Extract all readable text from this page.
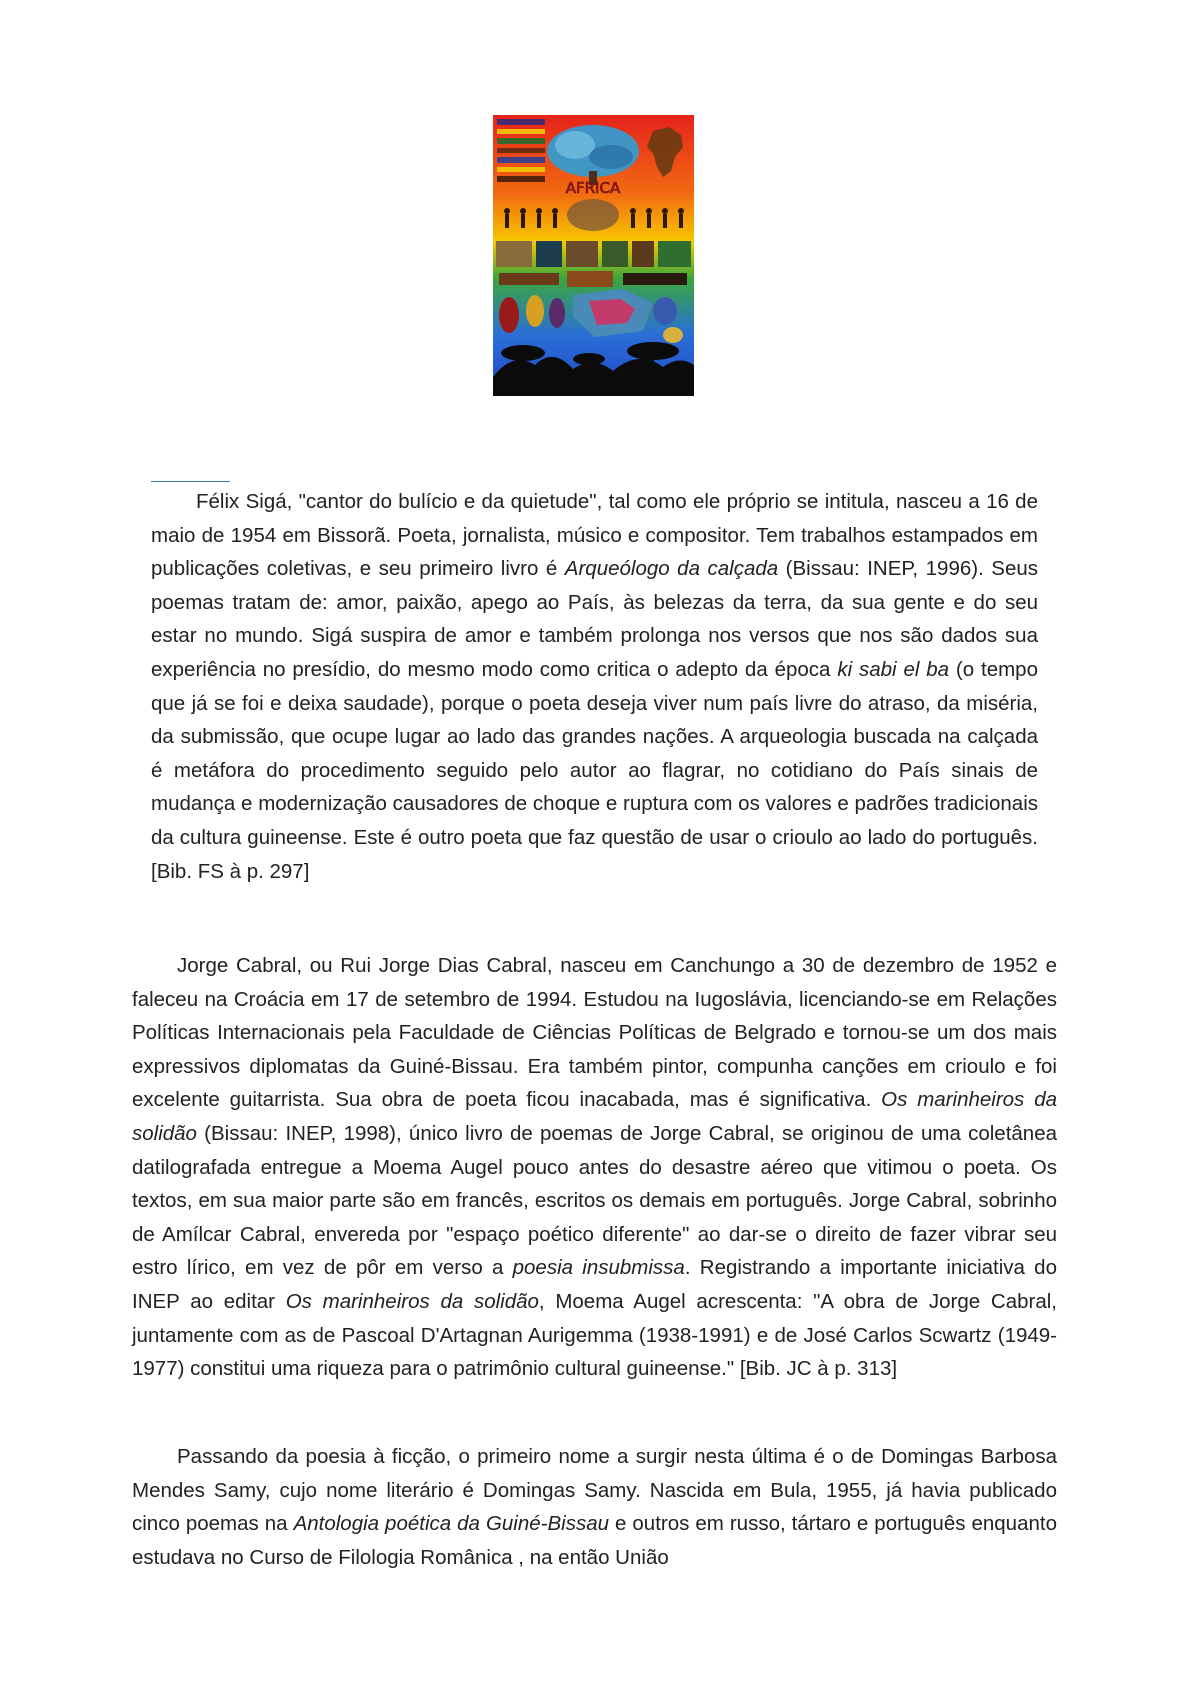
AFRICA

Félix Sigá, "cantor do bulício e da quietude", tal como ele próprio se intitula, nasceu a 16 de maio de 1954 em Bissorã. Poeta, jornalista, músico e compositor. Tem trabalhos estampados em publicações coletivas, e seu primeiro livro é Arqueólogo da calçada (Bissau: INEP, 1996). Seus poemas tratam de: amor, paixão, apego ao País, às belezas da terra, da sua gente e do seu estar no mundo. Sigá suspira de amor e também prolonga nos versos que nos são dados sua experiência no presídio, do mesmo modo como critica o adepto da época ki sabi el ba (o tempo que já se foi e deixa saudade), porque o poeta deseja viver num país livre do atraso, da miséria, da submissão, que ocupe lugar ao lado das grandes nações. A arqueologia buscada na calçada é metáfora do procedimento seguido pelo autor ao flagrar, no cotidiano do País sinais de mudança e modernização causadores de choque e ruptura com os valores e padrões tradicionais da cultura guineense. Este é outro poeta que faz questão de usar o crioulo ao lado do português. [Bib. FS à p. 297]

Jorge Cabral, ou Rui Jorge Dias Cabral, nasceu em Canchungo a 30 de dezembro de 1952 e faleceu na Croácia em 17 de setembro de 1994. Estudou na Iugoslávia, licenciando-se em Relações Políticas Internacionais pela Faculdade de Ciências Políticas de Belgrado e tornou-se um dos mais expressivos diplomatas da Guiné-Bissau. Era também pintor, compunha canções em crioulo e foi excelente guitarrista. Sua obra de poeta ficou inacabada, mas é significativa. Os marinheiros da solidão (Bissau: INEP, 1998), único livro de poemas de Jorge Cabral, se originou de uma coletânea datilografada entregue a Moema Augel pouco antes do desastre aéreo que vitimou o poeta. Os textos, em sua maior parte são em francês, escritos os demais em português. Jorge Cabral, sobrinho de Amílcar Cabral, envereda por "espaço poético diferente" ao dar-se o direito de fazer vibrar seu estro lírico, em vez de pôr em verso a poesia insubmissa. Registrando a importante iniciativa do INEP ao editar Os marinheiros da solidão, Moema Augel acrescenta: "A obra de Jorge Cabral, juntamente com as de Pascoal D'Artagnan Aurigemma (1938-1991) e de José Carlos Scwartz (1949-1977) constitui uma riqueza para o patrimônio cultural guineense." [Bib. JC à p. 313]

Passando da poesia à ficção, o primeiro nome a surgir nesta última é o de Domingas Barbosa Mendes Samy, cujo nome literário é Domingas Samy. Nascida em Bula, 1955, já havia publicado cinco poemas na Antologia poética da Guiné-Bissau e outros em russo, tártaro e português enquanto estudava no Curso de Filologia Românica , na então União
